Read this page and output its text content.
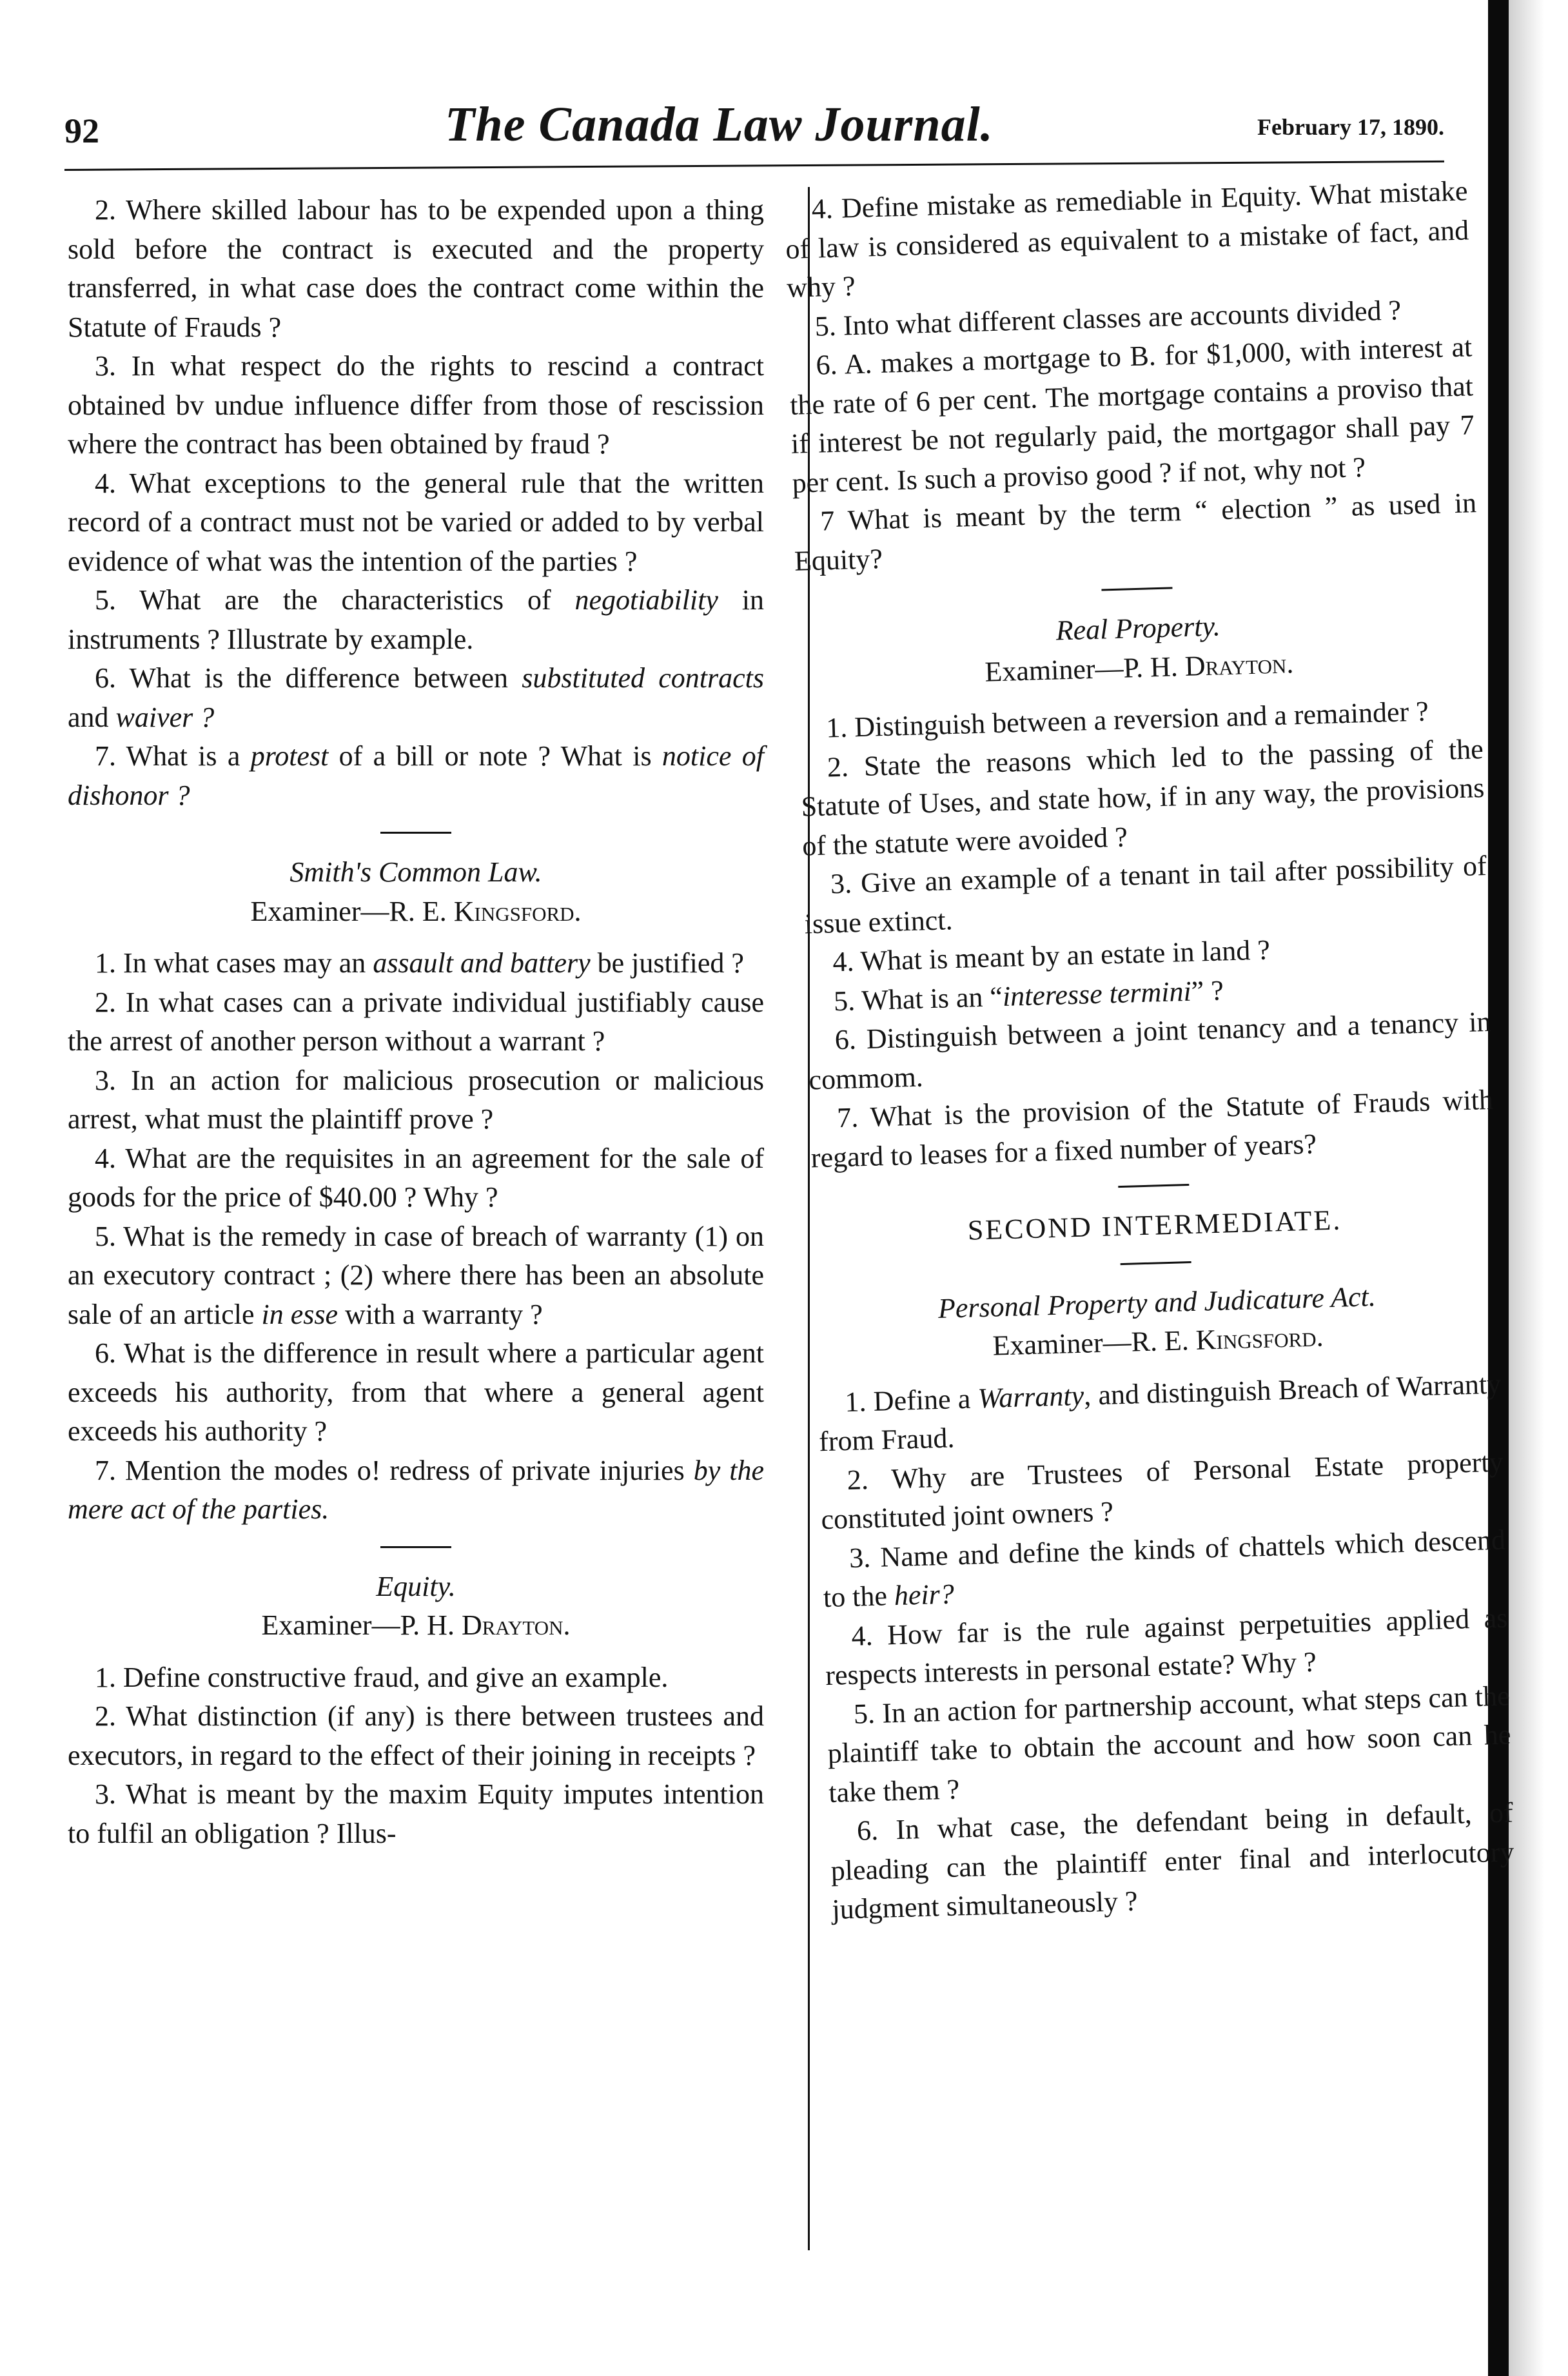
92	The Canada Law Journal.	February 17, 1890.

2. Where skilled labour has to be expended upon a thing sold before the contract is executed and the property transferred, in what case does the contract come within the Statute of Frauds ?

3. In what respect do the rights to rescind a contract obtained bv undue influence differ from those of rescission where the contract has been obtained by fraud ?

4. What exceptions to the general rule that the written record of a contract must not be varied or added to by verbal evidence of what was the intention of the parties ?

5. What are the characteristics of negotiability in instruments ? Illustrate by example.

6. What is the difference between substituted contracts and waiver ?

7. What is a protest of a bill or note ? What is notice of dishonor ?

Smith's Common Law.

Examiner—R. E. Kingsford.

1. In what cases may an assault and battery be justified ?

2. In what cases can a private individual justifiably cause the arrest of another person without a warrant ?

3. In an action for malicious prosecution or malicious arrest, what must the plaintiff prove ?

4. What are the requisites in an agreement for the sale of goods for the price of $40.00 ? Why ?

5. What is the remedy in case of breach of warranty (1) on an executory contract ; (2) where there has been an absolute sale of an article in esse with a warranty ?

6. What is the difference in result where a particular agent exceeds his authority, from that where a general agent exceeds his authority ?

7. Mention the modes o! redress of private injuries by the mere act of the parties.

Equity.

Examiner—P. H. Drayton.

1. Define constructive fraud, and give an example.

2. What distinction (if any) is there between trustees and executors, in regard to the effect of their joining in receipts ?

3. What is meant by the maxim Equity imputes intention to fulfil an obligation ? Illus-

4. Define mistake as remediable in Equity. What mistake of law is considered as equivalent to a mistake of fact, and why ?

5. Into what different classes are accounts divided ?

6. A. makes a mortgage to B. for $1,000, with interest at the rate of 6 per cent. The mortgage contains a proviso that if interest be not regularly paid, the mortgagor shall pay 7 per cent. Is such a proviso good ? if not, why not ?

7 What is meant by the term “ election ” as used in Equity?

Real Property.

Examiner—P. H. Drayton.

1. Distinguish between a reversion and a remainder ?

2. State the reasons which led to the passing of the Statute of Uses, and state how, if in any way, the provisions of the statute were avoided ?

3. Give an example of a tenant in tail after possibility of issue extinct.

4. What is meant by an estate in land ?

5. What is an “interesse termini” ?

6. Distinguish between a joint tenancy and a tenancy in commom.

7. What is the provision of the Statute of Frauds with regard to leases for a fixed number of years?

SECOND INTERMEDIATE.

Personal Property and Judicature Act.

Examiner—R. E. Kingsford.

1. Define a Warranty, and distinguish Breach of Warranty from Fraud.

2. Why are Trustees of Personal Estate property constituted joint owners ?

3. Name and define the kinds of chattels which descend to the heir?

4. How far is the rule against perpetuities applied as respects interests in personal estate? Why ?

5. In an action for partnership account, what steps can the plaintiff take to obtain the account and how soon can he take them ?

6. In what case, the defendant being in default, of pleading can the plaintiff enter final and interlocutory judgment simultaneously ?
